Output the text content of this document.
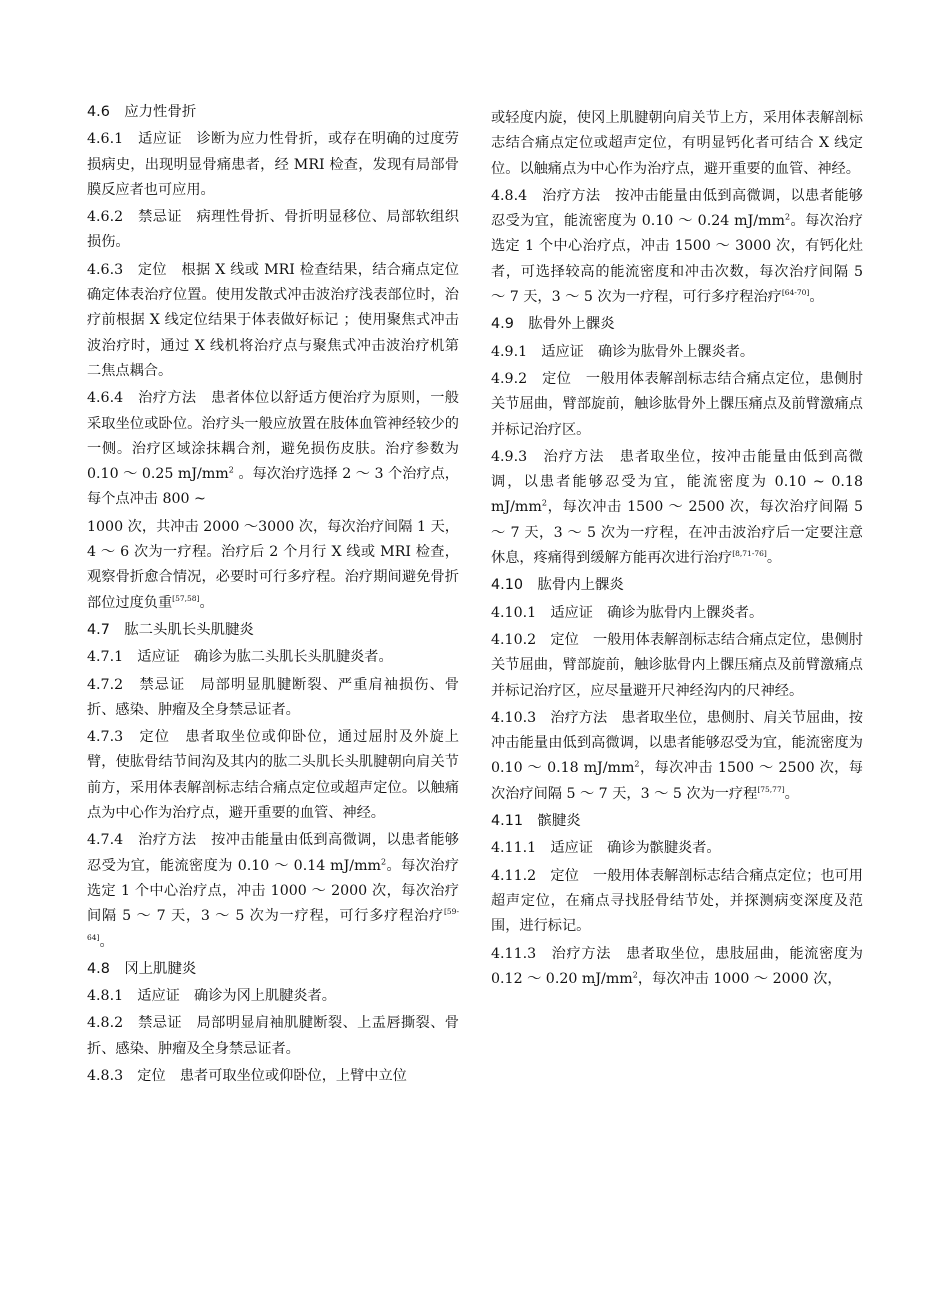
4.6　应力性骨折

4.6.1　适应证　诊断为应力性骨折，或存在明确的过度劳损病史，出现明显骨痛患者，经 MRI 检查，发现有局部骨膜反应者也可应用。

4.6.2　禁忌证　病理性骨折、骨折明显移位、局部软组织损伤。

4.6.3　定位　根据 X 线或 MRI 检查结果，结合痛点定位确定体表治疗位置。使用发散式冲击波治疗浅表部位时，治疗前根据 X 线定位结果于体表做好标记 ；使用聚焦式冲击波治疗时，通过 X 线机将治疗点与聚焦式冲击波治疗机第二焦点耦合。

4.6.4　治疗方法　患者体位以舒适方便治疗为原则，一般采取坐位或卧位。治疗头一般应放置在肢体血管神经较少的一侧。治疗区域涂抹耦合剂，避免损伤皮肤。治疗参数为 0.10 ～ 0.25 $mJ/mm^2$ 。每次治疗选择 2 ～ 3 个治疗点，每个点冲击 800 ~

1000 次，共冲击 2000 ～3000 次，每次治疗间隔 1 天， 4 ～ 6 次为一疗程。治疗后 2 个月行 X 线或 MRI 检查，观察骨折愈合情况，必要时可行多疗程。治疗期间避免骨折部位过度负重[57,58]。

4.7　肱二头肌长头肌腱炎

4.7.1　适应证　确诊为肱二头肌长头肌腱炎者。

4.7.2　禁忌证　局部明显肌腱断裂、严重肩袖损伤、骨折、感染、肿瘤及全身禁忌证者。

4.7.3　定位　患者取坐位或仰卧位，通过屈肘及外旋上臂，使肱骨结节间沟及其内的肱二头肌长头肌腱朝向肩关节前方，采用体表解剖标志结合痛点定位或超声定位。以触痛点为中心作为治疗点，避开重要的血管、神经。

4.7.4　治疗方法　按冲击能量由低到高微调，以患者能够忍受为宜，能流密度为 0.10 ～ 0.14 $mJ/mm^2$。每次治疗选定 1 个中心治疗点，冲击 1000 ～ 2000 次，每次治疗间隔 5 ～ 7 天，3 ～ 5 次为一疗程，可行多疗程治疗[59-64]。

4.8　冈上肌腱炎

4.8.1　适应证　确诊为冈上肌腱炎者。

4.8.2　禁忌证　局部明显肩袖肌腱断裂、上盂唇撕裂、骨折、感染、肿瘤及全身禁忌证者。

4.8.3　定位　患者可取坐位或仰卧位，上臂中立位

或轻度内旋，使冈上肌腱朝向肩关节上方，采用体表解剖标志结合痛点定位或超声定位，有明显钙化者可结合 X 线定位。以触痛点为中心作为治疗点，避开重要的血管、神经。

4.8.4　治疗方法　按冲击能量由低到高微调，以患者能够忍受为宜，能流密度为 0.10 ～ 0.24 $mJ/mm^2$。每次治疗选定 1 个中心治疗点，冲击 1500 ～ 3000 次，有钙化灶者，可选择较高的能流密度和冲击次数，每次治疗间隔 5 ～ 7 天，3 ～ 5 次为一疗程，可行多疗程治疗[64-70]。

4.9　肱骨外上髁炎

4.9.1　适应证　确诊为肱骨外上髁炎者。

4.9.2　定位　一般用体表解剖标志结合痛点定位，患侧肘关节屈曲，臂部旋前，触诊肱骨外上髁压痛点及前臂激痛点并标记治疗区。

4.9.3　治疗方法　患者取坐位，按冲击能量由低到高微调，以患者能够忍受为宜，能流密度为 0.10 ~ 0.18 $mJ/mm^2$，每次冲击 1500 ～ 2500 次，每次治疗间隔 5 ～ 7 天，3 ～ 5 次为一疗程，在冲击波治疗后一定要注意休息，疼痛得到缓解方能再次进行治疗[8,71-76]。

4.10　肱骨内上髁炎

4.10.1　适应证　确诊为肱骨内上髁炎者。

4.10.2　定位　一般用体表解剖标志结合痛点定位，患侧肘关节屈曲，臂部旋前，触诊肱骨内上髁压痛点及前臂激痛点并标记治疗区，应尽量避开尺神经沟内的尺神经。

4.10.3　治疗方法　患者取坐位，患侧肘、肩关节屈曲，按冲击能量由低到高微调，以患者能够忍受为宜，能流密度为 0.10 ～ 0.18 $mJ/mm^2$，每次冲击 1500 ～ 2500 次，每次治疗间隔 5 ～ 7 天，3 ～ 5 次为一疗程[75,77]。

4.11　髌腱炎

4.11.1　适应证　确诊为髌腱炎者。

4.11.2　定位　一般用体表解剖标志结合痛点定位；也可用超声定位，在痛点寻找胫骨结节处，并探测病变深度及范围，进行标记。

4.11.3　治疗方法　患者取坐位，患肢屈曲，能流密度为 0.12 ～ 0.20 $mJ/mm^2$，每次冲击 1000 ～ 2000 次，
